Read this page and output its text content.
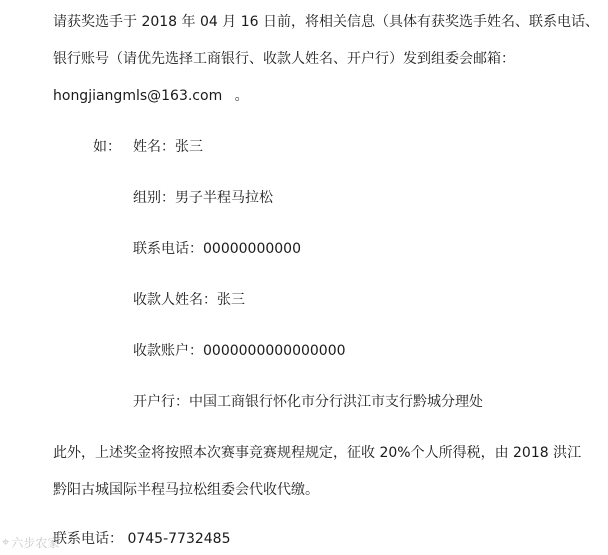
请获奖选手于 2018 年 04 月 16 日前，将相关信息（具体有获奖选手姓名、联系电话、
银行账号（请优先选择工商银行、收款人姓名、开户行）发到组委会邮箱：
hongjiangmls@163.com 。
如： 姓名：张三
组别：男子半程马拉松
联系电话：00000000000
收款人姓名：张三
收款账户：0000000000000000
开户行：中国工商银行怀化市分行洪江市支行黔城分理处
此外，上述奖金将按照本次赛事竞赛规程规定，征收 20%个人所得税，由 2018 洪江
黔阳古城国际半程马拉松组委会代收代缴。
联系电话： 0745-7732485
⌖ 六步农家
